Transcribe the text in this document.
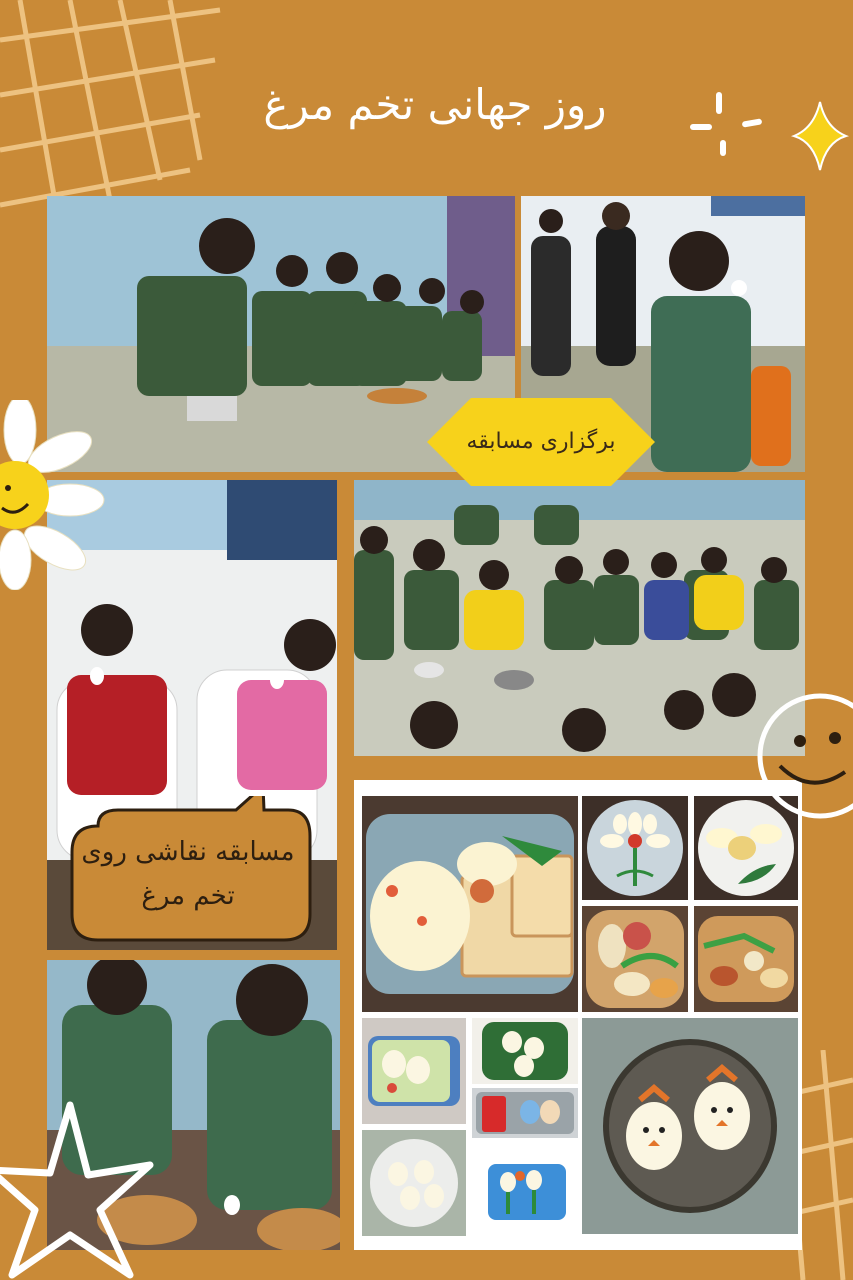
روز جهانی تخم مرغ
برگزاری مسابقه
مسابقه نقاشی روی تخم مرغ
